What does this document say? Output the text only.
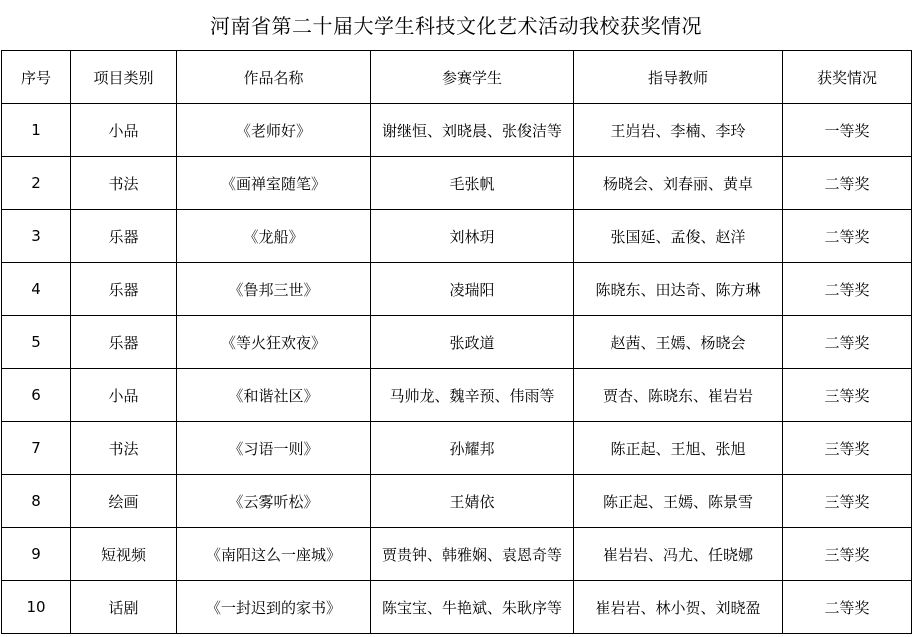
河南省第二十届大学生科技文化艺术活动我校获奖情况
序号	项目类别	作品名称	参赛学生	指导教师	获奖情况
1	小品	《老师好》	谢继恒、刘晓晨、张俊洁等	王岿岩、李楠、李玲	一等奖
2	书法	《画禅室随笔》	毛张帆	杨晓会、刘春丽、黄卓	二等奖
3	乐器	《龙船》	刘林玥	张国延、孟俊、赵洋	二等奖
4	乐器	《鲁邦三世》	凌瑞阳	陈晓东、田达奇、陈方琳	二等奖
5	乐器	《等火狂欢夜》	张政道	赵茜、王嫣、杨晓会	二等奖
6	小品	《和谐社区》	马帅龙、魏辛预、伟雨等	贾杏、陈晓东、崔岩岩	三等奖
7	书法	《习语一则》	孙耀邦	陈正起、王旭、张旭	三等奖
8	绘画	《云雾听松》	王婧依	陈正起、王嫣、陈景雪	三等奖
9	短视频	《南阳这么一座城》	贾贵钟、韩雅娴、袁恩奇等	崔岩岩、冯尤、任晓娜	三等奖
10	话剧	《一封迟到的家书》	陈宝宝、牛艳斌、朱耿序等	崔岩岩、林小贺、刘晓盈	二等奖
